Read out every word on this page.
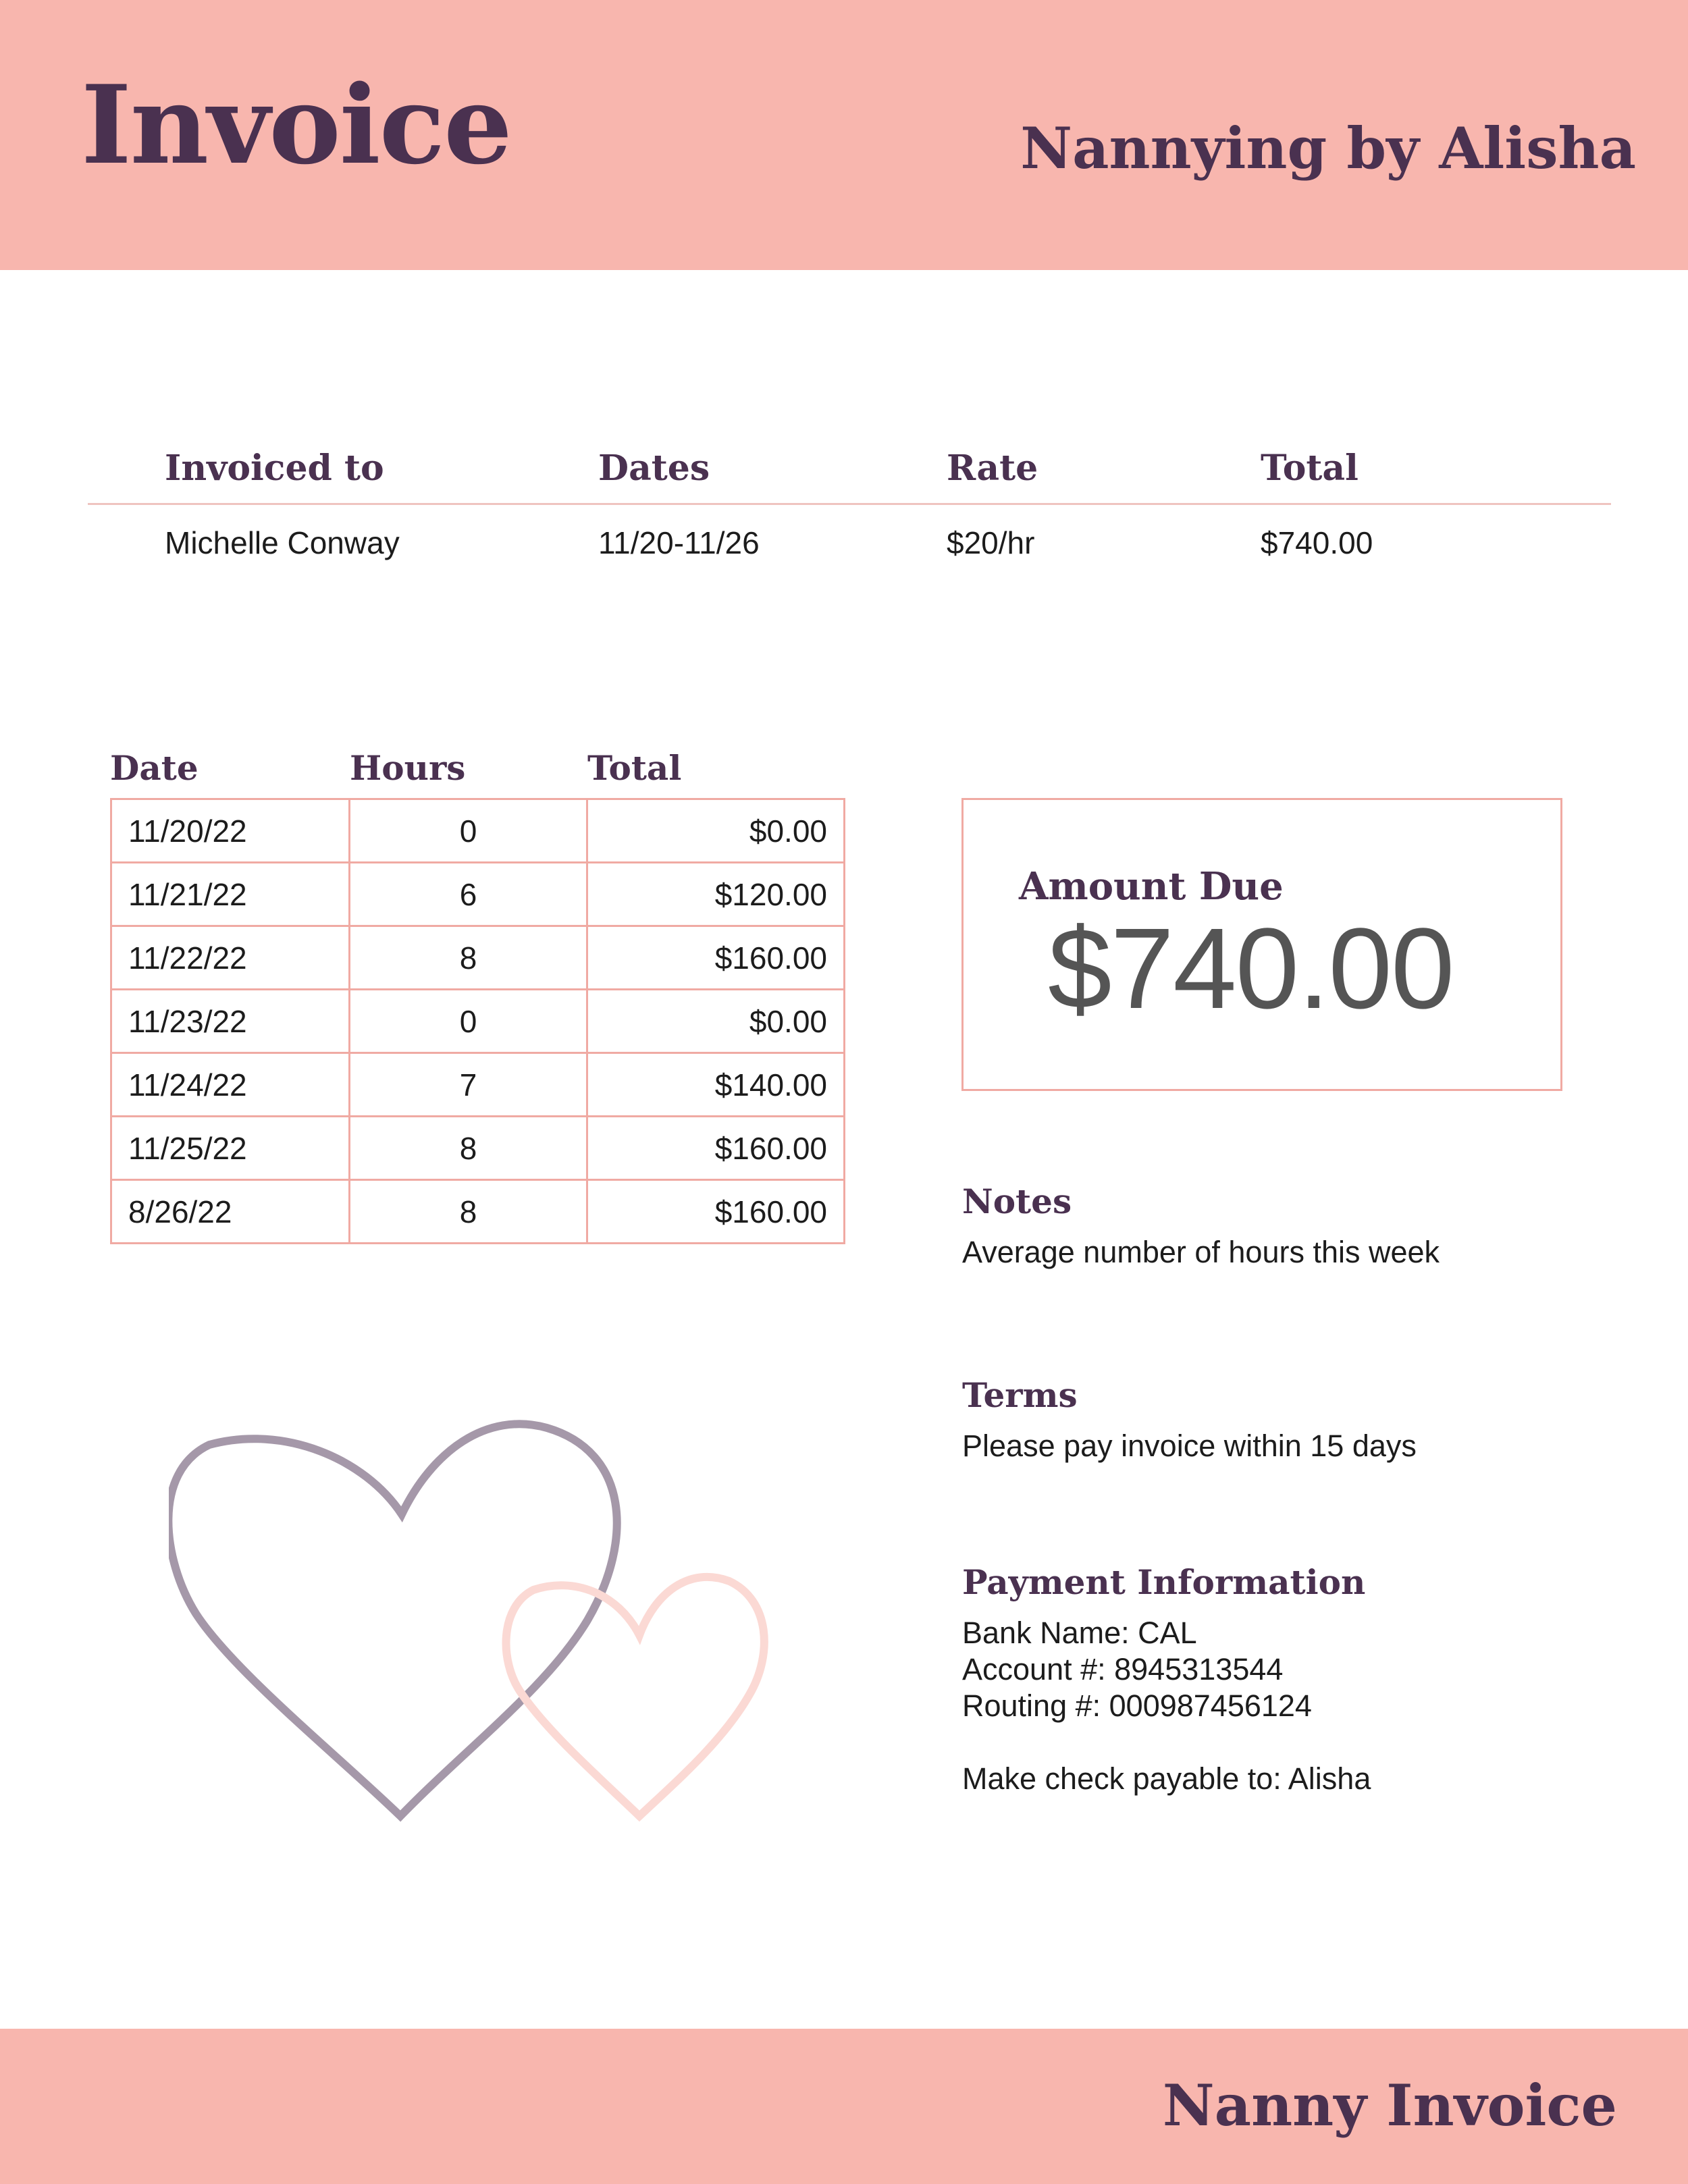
Invoice	Nannying by Alisha
Invoiced to	Dates	Rate	Total
Michelle Conway	11/20-11/26	$20/hr	$740.00
Date	Hours	Total
11/20/22	0	$0.00
11/21/22	6	$120.00
11/22/22	8	$160.00
11/23/22	0	$0.00
11/24/22	7	$140.00
11/25/22	8	$160.00
8/26/22	8	$160.00
Amount Due
$740.00
Notes
Average number of hours this week
Terms
Please pay invoice within 15 days
Payment Information
Bank Name: CAL
Account #: 8945313544
Routing #: 000987456124
Make check payable to: Alisha
Nanny Invoice
